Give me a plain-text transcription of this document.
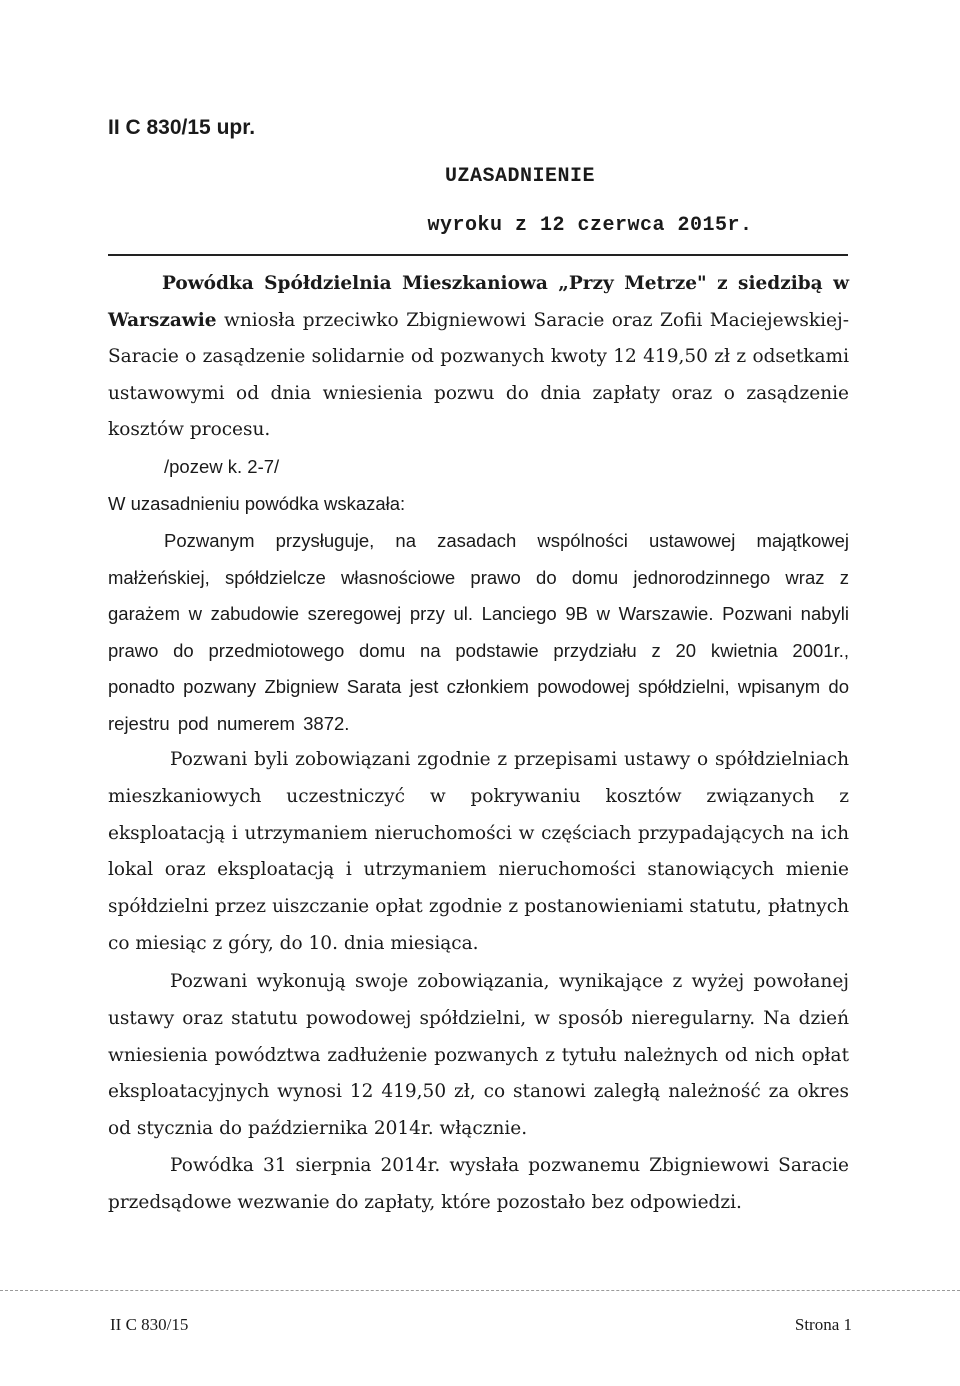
II C 830/15 upr.
UZASADNIENIE
wyroku z 12 czerwca 2015r.
Powódka Spółdzielnia Mieszkaniowa „Przy Metrze" z siedzibą w Warszawie wniosła przeciwko Zbigniewowi Saracie oraz Zofii Maciejewskiej-Saracie o zasądzenie solidarnie od pozwanych kwoty 12 419,50 zł z odsetkami ustawowymi od dnia wniesienia pozwu do dnia zapłaty oraz o zasądzenie kosztów procesu.
/pozew k. 2-7/
W uzasadnieniu powódka wskazała:
Pozwanym przysługuje, na zasadach wspólności ustawowej majątkowej małżeńskiej, spółdzielcze własnościowe prawo do domu jednorodzinnego wraz z garażem w zabudowie szeregowej przy ul. Lanciego 9B w Warszawie. Pozwani nabyli prawo do przedmiotowego domu na podstawie przydziału z 20 kwietnia 2001r., ponadto pozwany Zbigniew Sarata jest członkiem powodowej spółdzielni, wpisanym do rejestru pod numerem 3872.
Pozwani byli zobowiązani zgodnie z przepisami ustawy o spółdzielniach mieszkaniowych uczestniczyć w pokrywaniu kosztów związanych z eksploatacją i utrzymaniem nieruchomości w częściach przypadających na ich lokal oraz eksploatacją i utrzymaniem nieruchomości stanowiących mienie spółdzielni przez uiszczanie opłat zgodnie z postanowieniami statutu, płatnych co miesiąc z góry, do 10. dnia miesiąca.
Pozwani wykonują swoje zobowiązania, wynikające z wyżej powołanej ustawy oraz statutu powodowej spółdzielni, w sposób nieregularny. Na dzień wniesienia powództwa zadłużenie pozwanych z tytułu należnych od nich opłat eksploatacyjnych wynosi 12 419,50 zł, co stanowi zaległą należność za okres od stycznia do października 2014r. włącznie.
Powódka 31 sierpnia 2014r. wysłała pozwanemu Zbigniewowi Saracie przedsądowe wezwanie do zapłaty, które pozostało bez odpowiedzi.
II C 830/15	Strona 1
